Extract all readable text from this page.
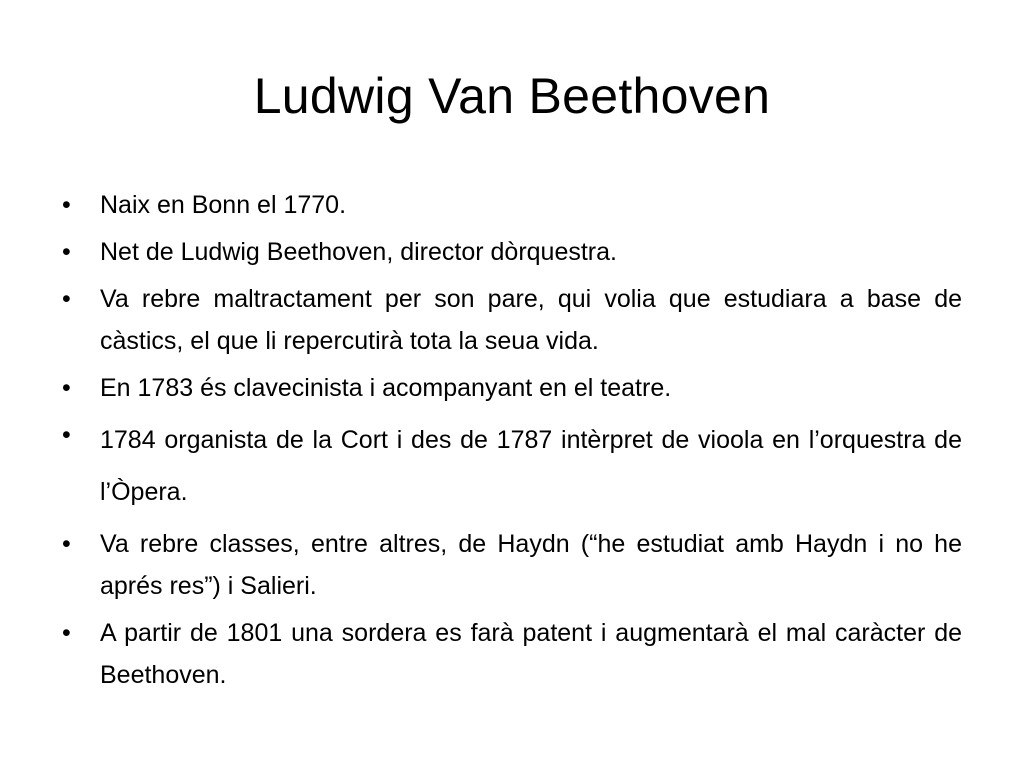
Ludwig Van Beethoven
•	Naix en Bonn el 1770.
•	Net de Ludwig Beethoven, director dòrquestra.
•	Va rebre maltractament per son pare, qui volia que estudiara a base de càstics, el que li repercutirà tota la seua vida.
•	En 1783 és clavecinista i acompanyant en el teatre.
•	1784 organista de la Cort i des de 1787 intèrpret de vioola en l’orquestra de l’Òpera.
•	Va rebre classes, entre altres, de Haydn (“he estudiat amb Haydn i no he aprés res”) i Salieri.
•	A partir de 1801 una sordera es farà patent i augmentarà el mal caràcter de Beethoven.
